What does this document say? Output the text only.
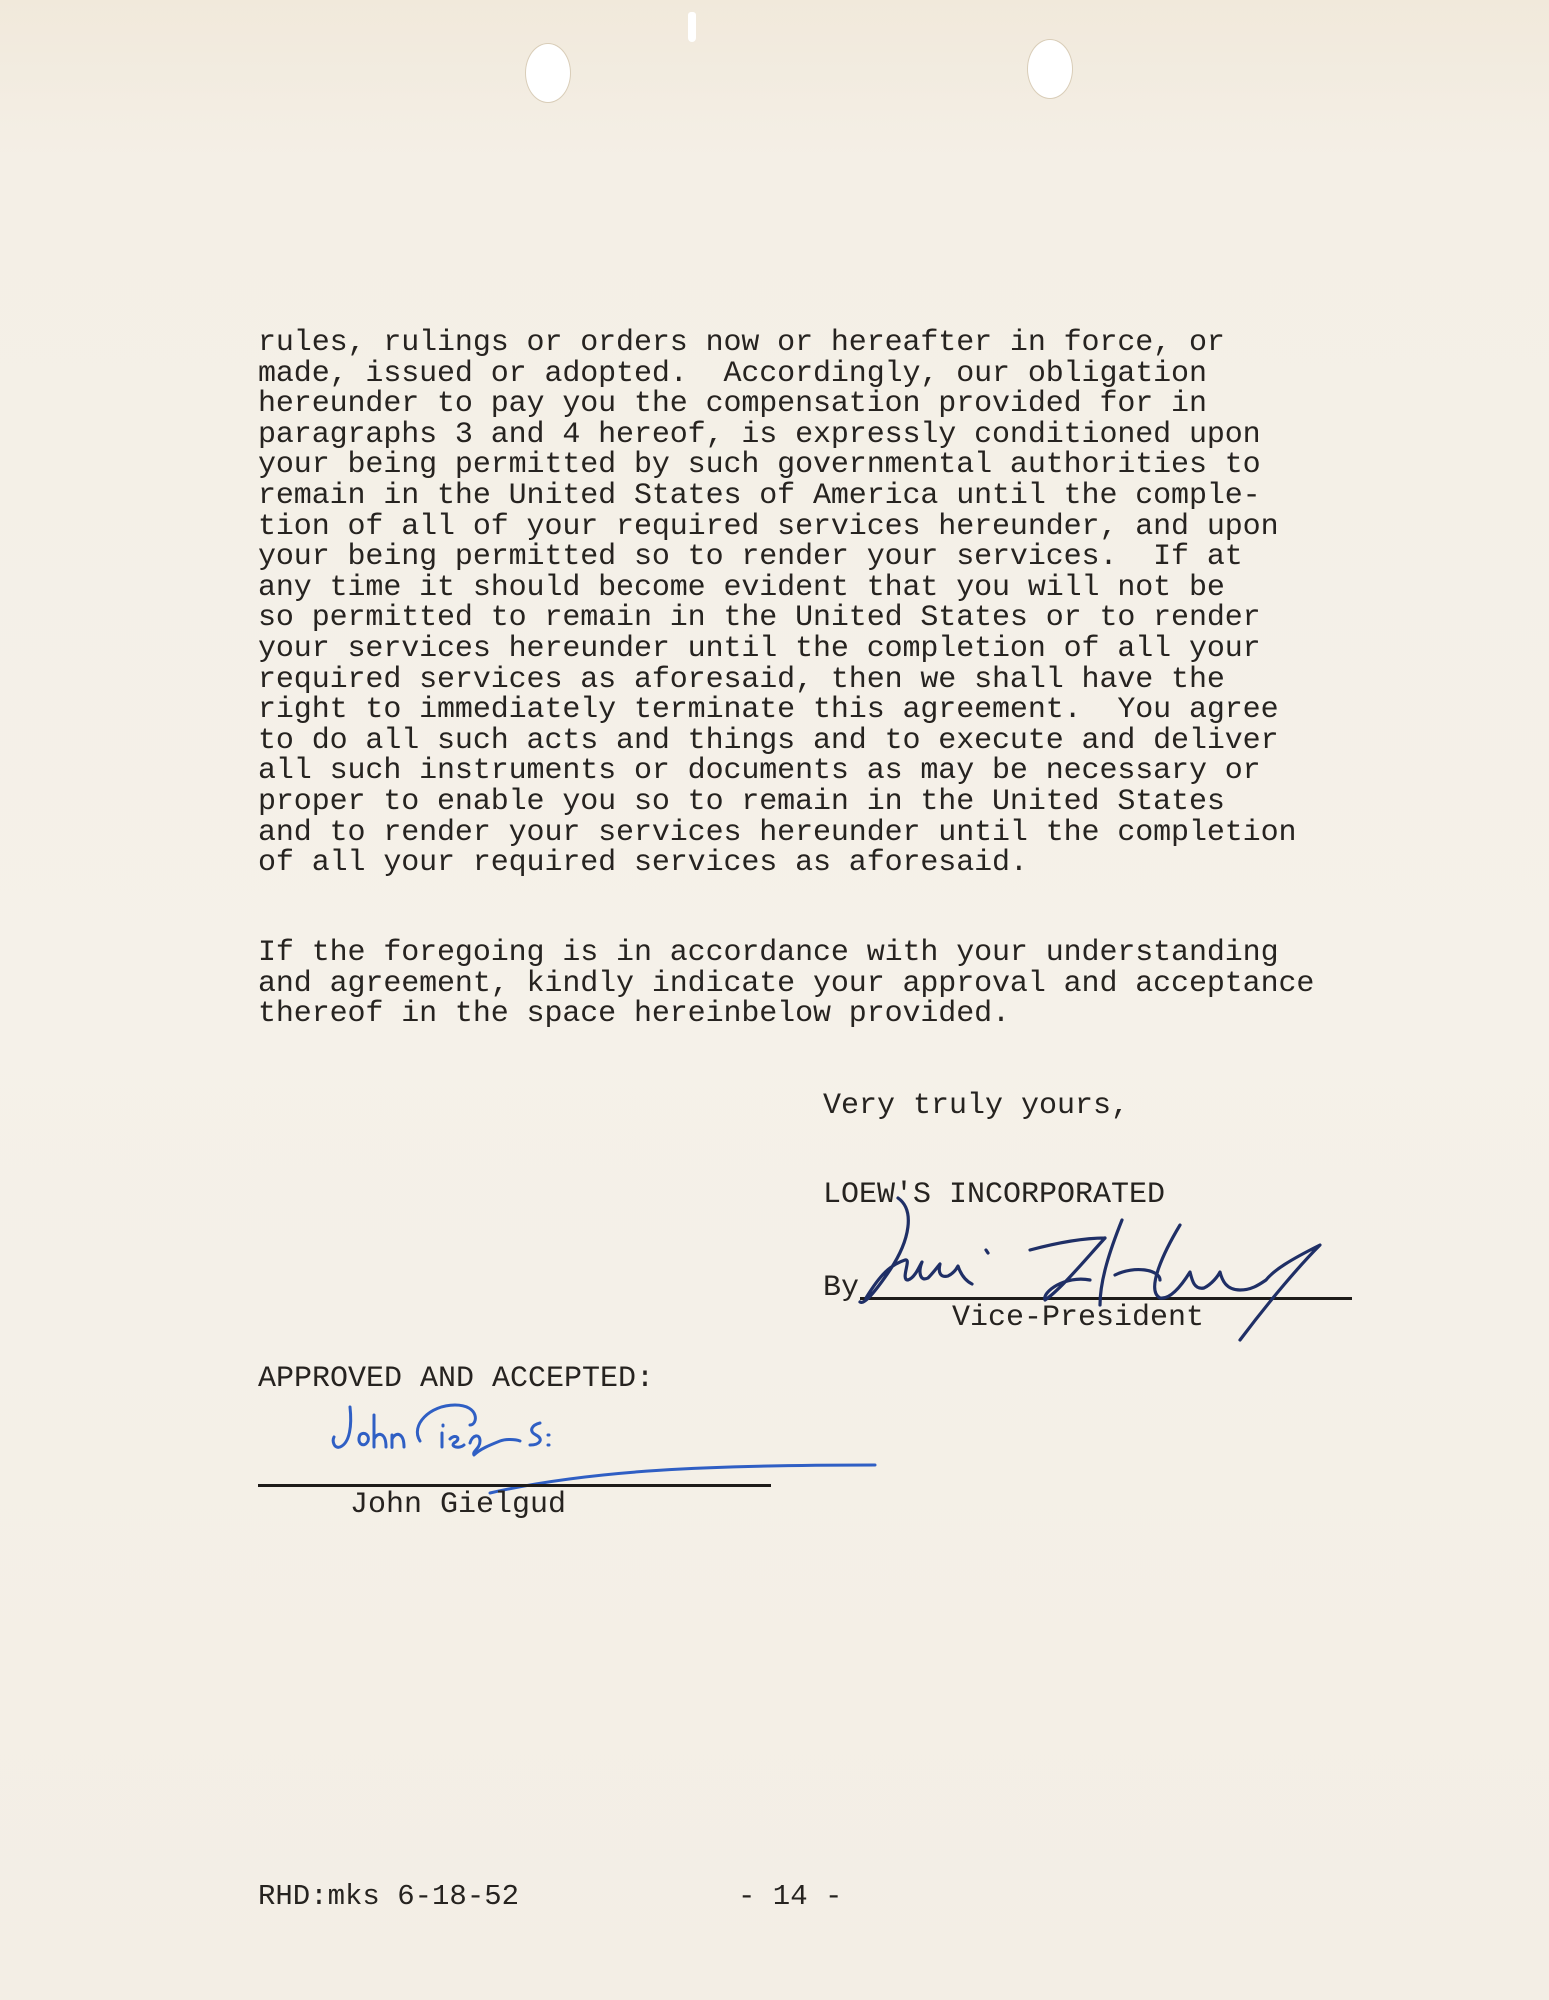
rules, rulings or orders now or hereafter in force, or
made, issued or adopted.  Accordingly, our obligation
hereunder to pay you the compensation provided for in
paragraphs 3 and 4 hereof, is expressly conditioned upon
your being permitted by such governmental authorities to
remain in the United States of America until the comple-
tion of all of your required services hereunder, and upon
your being permitted so to render your services.  If at
any time it should become evident that you will not be
so permitted to remain in the United States or to render
your services hereunder until the completion of all your
required services as aforesaid, then we shall have the
right to immediately terminate this agreement.  You agree
to do all such acts and things and to execute and deliver
all such instruments or documents as may be necessary or
proper to enable you so to remain in the United States
and to render your services hereunder until the completion
of all your required services as aforesaid.
If the foregoing is in accordance with your understanding
and agreement, kindly indicate your approval and acceptance
thereof in the space hereinbelow provided.
Very truly yours,
LOEW'S INCORPORATED
By
Vice-President
APPROVED AND ACCEPTED:
John Gielgud
RHD:mks 6-18-52	- 14 -
